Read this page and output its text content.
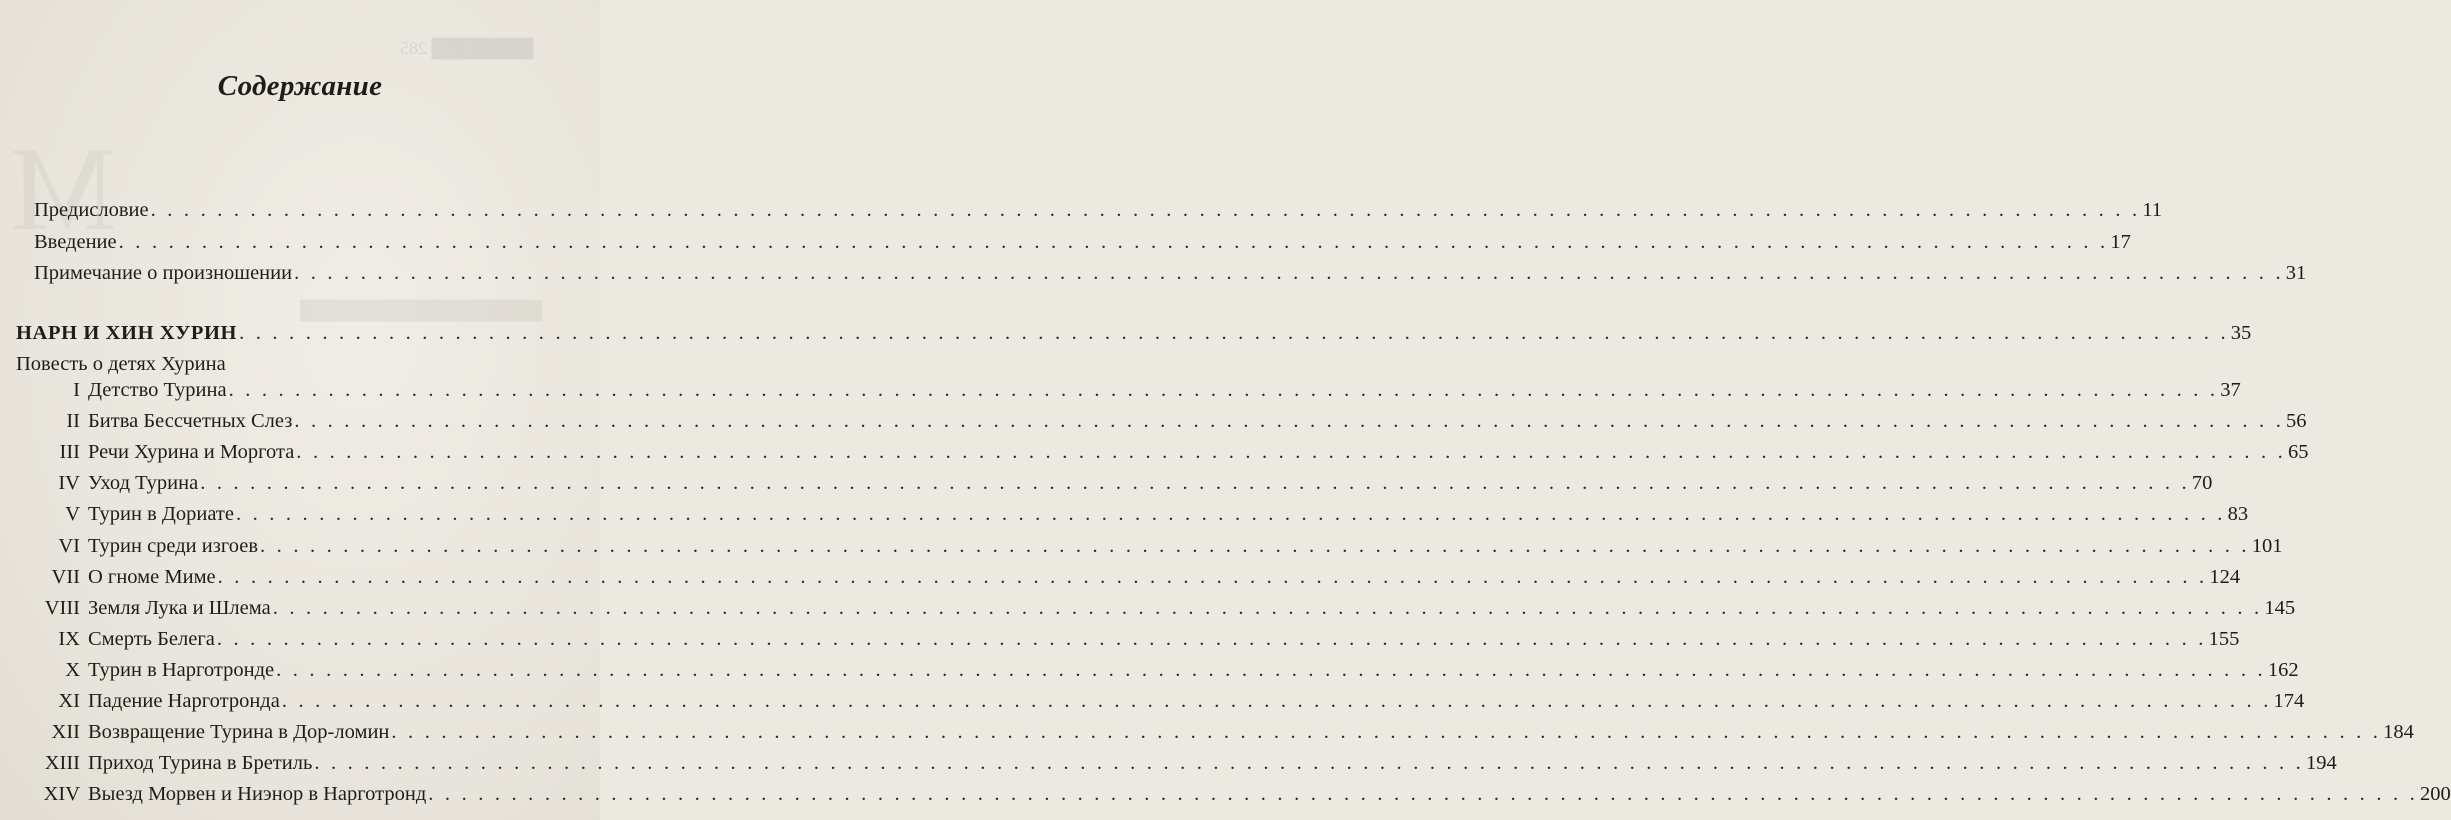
████████ 285
███████████████████
Содержание
Предисловие . . . . . . . . . . . . . . . . . . . . . . . . . . . . . . . . . . . . . . . . . . . . . . . . . . . . . . . . . . . . . . . . . . . . . . . . . . . . . . . . . . . . . . . . . . . . . . . . . . . . . . . . . . . . . . . . . . . . . . . . 11
Введение . . . . . . . . . . . . . . . . . . . . . . . . . . . . . . . . . . . . . . . . . . . . . . . . . . . . . . . . . . . . . . . . . . . . . . . . . . . . . . . . . . . . . . . . . . . . . . . . . . . . . . . . . . . . . . . . . . . . . . . . 17
Примечание о произношении . . . . . . . . . . . . . . . . . . . . . . . . . . . . . . . . . . . . . . . . . . . . . . . . . . . . . . . . . . . . . . . . . . . . . . . . . . . . . . . . . . . . . . . . . . . . . . . . . . . . . . . . . . . . . . . . . . . . . . . . 31
НАРН И ХИН ХУРИН . . . . . . . . . . . . . . . . . . . . . . . . . . . . . . . . . . . . . . . . . . . . . . . . . . . . . . . . . . . . . . . . . . . . . . . . . . . . . . . . . . . . . . . . . . . . . . . . . . . . . . . . . . . . . . . . . . . . . . . . 35
Повесть о детях Хурина
I Детство Турина . . . . . . . . . . . . . . . . . . . . . . . . . . . . . . . . . . . . . . . . . . . . . . . . . . . . . . . . . . . . . . . . . . . . . . . . . . . . . . . . . . . . . . . . . . . . . . . . . . . . . . . . . . . . . . . . . . . . . . . . 37
II Битва Бессчетных Слез . . . . . . . . . . . . . . . . . . . . . . . . . . . . . . . . . . . . . . . . . . . . . . . . . . . . . . . . . . . . . . . . . . . . . . . . . . . . . . . . . . . . . . . . . . . . . . . . . . . . . . . . . . . . . . . . . . . . . . . . 56
III Речи Хурина и Моргота . . . . . . . . . . . . . . . . . . . . . . . . . . . . . . . . . . . . . . . . . . . . . . . . . . . . . . . . . . . . . . . . . . . . . . . . . . . . . . . . . . . . . . . . . . . . . . . . . . . . . . . . . . . . . . . . . . . . . . . . 65
IV Уход Турина . . . . . . . . . . . . . . . . . . . . . . . . . . . . . . . . . . . . . . . . . . . . . . . . . . . . . . . . . . . . . . . . . . . . . . . . . . . . . . . . . . . . . . . . . . . . . . . . . . . . . . . . . . . . . . . . . . . . . . . . 70
V Турин в Дориате . . . . . . . . . . . . . . . . . . . . . . . . . . . . . . . . . . . . . . . . . . . . . . . . . . . . . . . . . . . . . . . . . . . . . . . . . . . . . . . . . . . . . . . . . . . . . . . . . . . . . . . . . . . . . . . . . . . . . . . . 83
VI Турин среди изгоев . . . . . . . . . . . . . . . . . . . . . . . . . . . . . . . . . . . . . . . . . . . . . . . . . . . . . . . . . . . . . . . . . . . . . . . . . . . . . . . . . . . . . . . . . . . . . . . . . . . . . . . . . . . . . . . . . . . . . . . . 101
VII О гноме Миме . . . . . . . . . . . . . . . . . . . . . . . . . . . . . . . . . . . . . . . . . . . . . . . . . . . . . . . . . . . . . . . . . . . . . . . . . . . . . . . . . . . . . . . . . . . . . . . . . . . . . . . . . . . . . . . . . . . . . . . . 124
VIII Земля Лука и Шлема . . . . . . . . . . . . . . . . . . . . . . . . . . . . . . . . . . . . . . . . . . . . . . . . . . . . . . . . . . . . . . . . . . . . . . . . . . . . . . . . . . . . . . . . . . . . . . . . . . . . . . . . . . . . . . . . . . . . . . . . 145
IX Смерть Белега . . . . . . . . . . . . . . . . . . . . . . . . . . . . . . . . . . . . . . . . . . . . . . . . . . . . . . . . . . . . . . . . . . . . . . . . . . . . . . . . . . . . . . . . . . . . . . . . . . . . . . . . . . . . . . . . . . . . . . . . 155
X Турин в Нарготронде . . . . . . . . . . . . . . . . . . . . . . . . . . . . . . . . . . . . . . . . . . . . . . . . . . . . . . . . . . . . . . . . . . . . . . . . . . . . . . . . . . . . . . . . . . . . . . . . . . . . . . . . . . . . . . . . . . . . . . . . 162
XI Падение Нарготронда . . . . . . . . . . . . . . . . . . . . . . . . . . . . . . . . . . . . . . . . . . . . . . . . . . . . . . . . . . . . . . . . . . . . . . . . . . . . . . . . . . . . . . . . . . . . . . . . . . . . . . . . . . . . . . . . . . . . . . . . 174
XII Возвращение Турина в Дор-ломин . . . . . . . . . . . . . . . . . . . . . . . . . . . . . . . . . . . . . . . . . . . . . . . . . . . . . . . . . . . . . . . . . . . . . . . . . . . . . . . . . . . . . . . . . . . . . . . . . . . . . . . . . . . . . . . . . . . . . . . . 184
XIII Приход Турина в Бретиль . . . . . . . . . . . . . . . . . . . . . . . . . . . . . . . . . . . . . . . . . . . . . . . . . . . . . . . . . . . . . . . . . . . . . . . . . . . . . . . . . . . . . . . . . . . . . . . . . . . . . . . . . . . . . . . . . . . . . . . . 194
XIV Выезд Морвен и Ниэнор в Нарготронд . . . . . . . . . . . . . . . . . . . . . . . . . . . . . . . . . . . . . . . . . . . . . . . . . . . . . . . . . . . . . . . . . . . . . . . . . . . . . . . . . . . . . . . . . . . . . . . . . . . . . . . . . . . . . . . . . . . . . . . . 200
